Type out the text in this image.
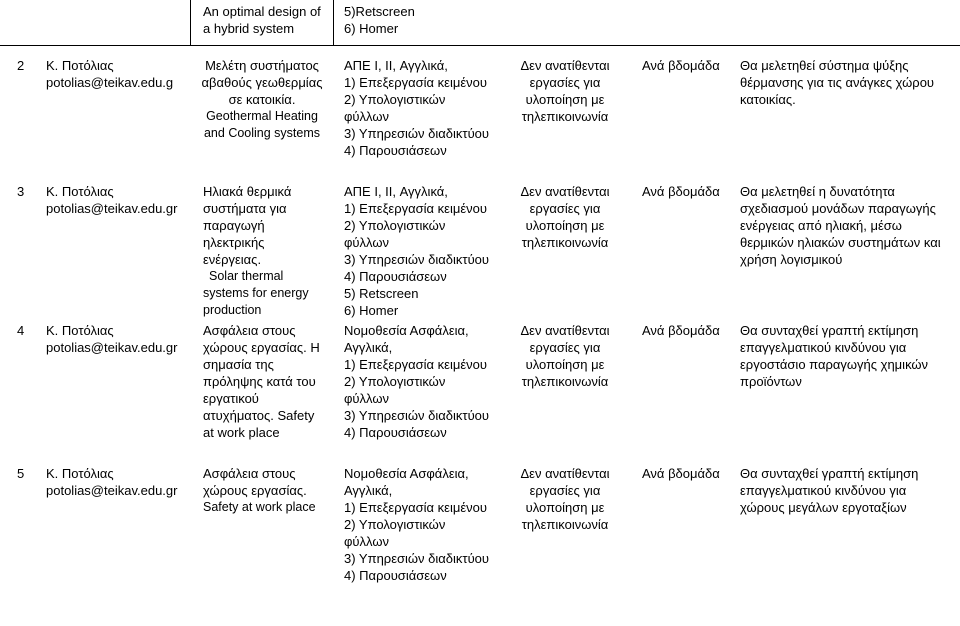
An optimal design of
a hybrid system
5)Retscreen
6) Homer
2 Κ. Ποτόλιας
potolias@teikav.edu.g
Μελέτη συστήματος
αβαθούς γεωθερμίας
σε κατοικία.
Geothermal Heating
and Cooling systems
ΑΠΕ I, II, Αγγλικά,
1) Επεξεργασία κειμένου
2) Υπολογιστικών
φύλλων
3) Υπηρεσιών διαδικτύου
4) Παρουσιάσεων
Δεν ανατίθενται
εργασίες για
υλοποίηση με
τηλεπικοινωνία
Ανά βδομάδα Θα μελετηθεί σύστημα ψύξης
θέρμανσης για τις ανάγκες χώρου
κατοικίας.
3 Κ. Ποτόλιας
potolias@teikav.edu.gr
Ηλιακά θερμικά
συστήματα για
παραγωγή
ηλεκτρικής
ενέργειας.
Solar thermal
systems for energy
production
ΑΠΕ I, II, Αγγλικά,
1) Επεξεργασία κειμένου
2) Υπολογιστικών
φύλλων
3) Υπηρεσιών διαδικτύου
4) Παρουσιάσεων
5) Retscreen
6) Homer
Δεν ανατίθενται
εργασίες για
υλοποίηση με
τηλεπικοινωνία
Ανά βδομάδα Θα μελετηθεί η δυνατότητα
σχεδιασμού μονάδων παραγωγής
ενέργειας από ηλιακή, μέσω
θερμικών ηλιακών συστημάτων και
χρήση λογισμικού
4 Κ. Ποτόλιας
potolias@teikav.edu.gr
Ασφάλεια στους
χώρους εργασίας. Η
σημασία της
πρόληψης κατά του
εργατικού
ατυχήματος. Safety
at work place
Νομοθεσία Ασφάλεια,
Αγγλικά,
1) Επεξεργασία κειμένου
2) Υπολογιστικών
φύλλων
3) Υπηρεσιών διαδικτύου
4) Παρουσιάσεων
Δεν ανατίθενται
εργασίες για
υλοποίηση με
τηλεπικοινωνία
Ανά βδομάδα Θα συνταχθεί γραπτή εκτίμηση
επαγγελματικού κινδύνου για
εργοστάσιο παραγωγής χημικών
προϊόντων
5 Κ. Ποτόλιας
potolias@teikav.edu.gr
Ασφάλεια στους
χώρους εργασίας.
Safety at work place
Νομοθεσία Ασφάλεια,
Αγγλικά,
1) Επεξεργασία κειμένου
2) Υπολογιστικών
φύλλων
3) Υπηρεσιών διαδικτύου
4) Παρουσιάσεων
Δεν ανατίθενται
εργασίες για
υλοποίηση με
τηλεπικοινωνία
Ανά βδομάδα Θα συνταχθεί γραπτή εκτίμηση
επαγγελματικού κινδύνου για
χώρους μεγάλων εργοταξίων
